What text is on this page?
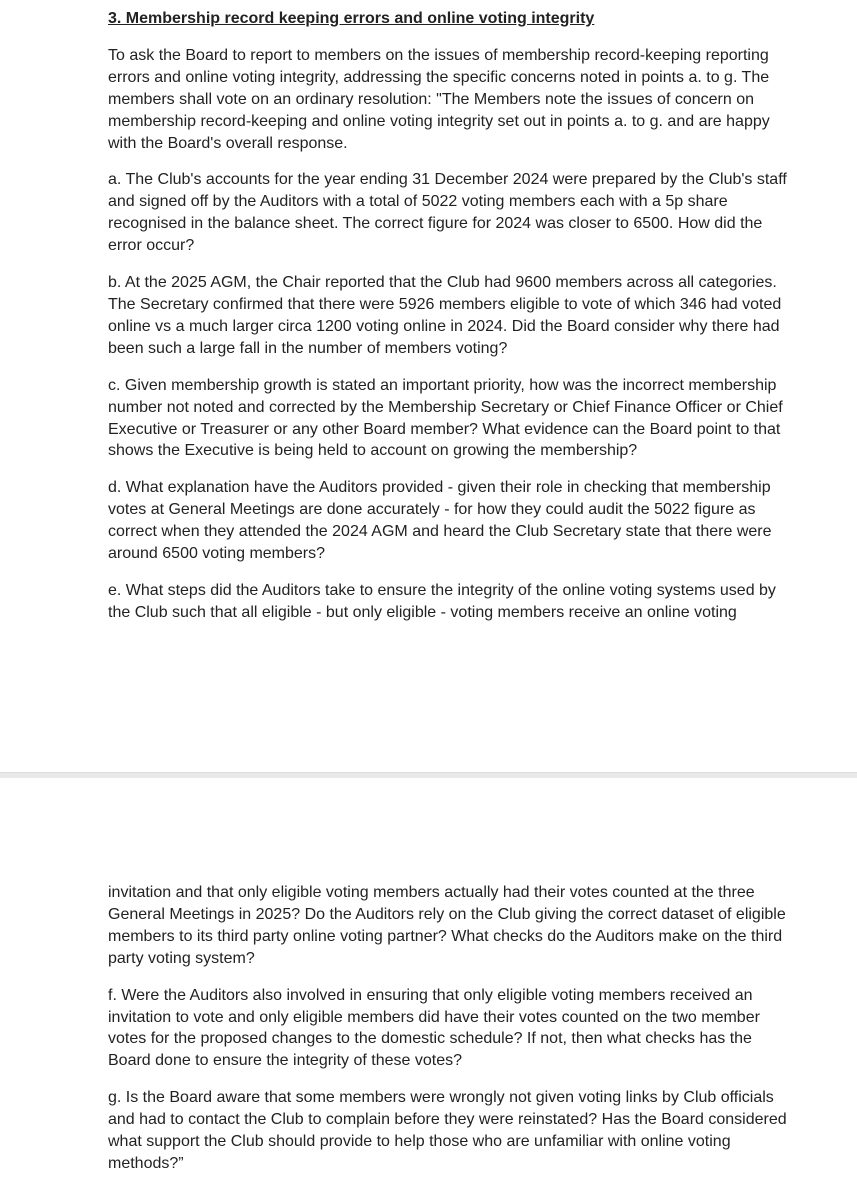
3. Membership record keeping errors and online voting integrity

To ask the Board to report to members on the issues of membership record-keeping reporting errors and online voting integrity, addressing the specific concerns noted in points a. to g. The members shall vote on an ordinary resolution: "The Members note the issues of concern on membership record-keeping and online voting integrity set out in points a. to g. and are happy with the Board's overall response.

a. The Club's accounts for the year ending 31 December 2024 were prepared by the Club's staff and signed off by the Auditors with a total of 5022 voting members each with a 5p share recognised in the balance sheet. The correct figure for 2024 was closer to 6500. How did the error occur?

b. At the 2025 AGM, the Chair reported that the Club had 9600 members across all categories. The Secretary confirmed that there were 5926 members eligible to vote of which 346 had voted online vs a much larger circa 1200 voting online in 2024. Did the Board consider why there had been such a large fall in the number of members voting?

c. Given membership growth is stated an important priority, how was the incorrect membership number not noted and corrected by the Membership Secretary or Chief Finance Officer or Chief Executive or Treasurer or any other Board member? What evidence can the Board point to that shows the Executive is being held to account on growing the membership?

d. What explanation have the Auditors provided - given their role in checking that membership votes at General Meetings are done accurately - for how they could audit the 5022 figure as correct when they attended the 2024 AGM and heard the Club Secretary state that there were around 6500 voting members?

e. What steps did the Auditors take to ensure the integrity of the online voting systems used by the Club such that all eligible - but only eligible - voting members receive an online voting

invitation and that only eligible voting members actually had their votes counted at the three General Meetings in 2025? Do the Auditors rely on the Club giving the correct dataset of eligible members to its third party online voting partner? What checks do the Auditors make on the third party voting system?

f. Were the Auditors also involved in ensuring that only eligible voting members received an invitation to vote and only eligible members did have their votes counted on the two member votes for the proposed changes to the domestic schedule? If not, then what checks has the Board done to ensure the integrity of these votes?

g. Is the Board aware that some members were wrongly not given voting links by Club officials and had to contact the Club to complain before they were reinstated? Has the Board considered what support the Club should provide to help those who are unfamiliar with online voting methods?”
